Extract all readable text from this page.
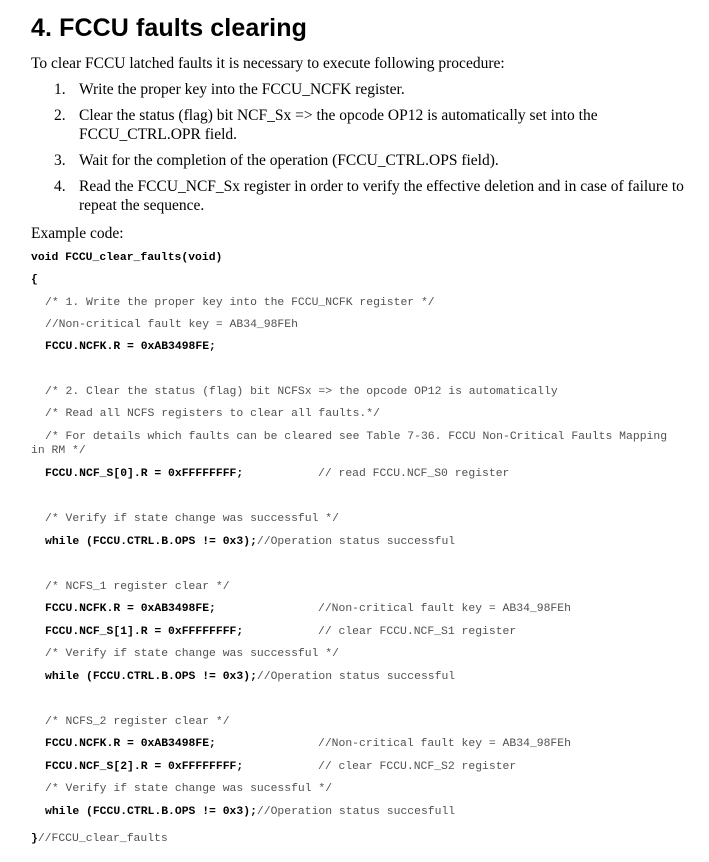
4. FCCU faults clearing
To clear FCCU latched faults it is necessary to execute following procedure:
1. Write the proper key into the FCCU_NCFK register.
2. Clear the status (flag) bit NCF_Sx => the opcode OP12 is automatically set into the FCCU_CTRL.OPR field.
3. Wait for the completion of the operation (FCCU_CTRL.OPS field).
4. Read the FCCU_NCF_Sx register in order to verify the effective deletion and in case of failure to repeat the sequence.
Example code:
void FCCU_clear_faults(void)
{
/* 1. Write the proper key into the FCCU_NCFK register */
//Non-critical fault key = AB34_98FEh
FCCU.NCFK.R = 0xAB3498FE;
/* 2. Clear the status (flag) bit NCFSx => the opcode OP12 is automatically
/* Read all NCFS registers to clear all faults.*/
/* For details which faults can be cleared see Table 7-36. FCCU Non-Critical Faults Mapping
in RM */
FCCU.NCF_S[0].R = 0xFFFFFFFF;	// read FCCU.NCF_S0 register
/* Verify if state change was successful */
while (FCCU.CTRL.B.OPS != 0x3);//Operation status successful
/* NCFS_1 register clear */
FCCU.NCFK.R = 0xAB3498FE;	//Non-critical fault key = AB34_98FEh
FCCU.NCF_S[1].R = 0xFFFFFFFF;	// clear FCCU.NCF_S1 register
/* Verify if state change was successful */
while (FCCU.CTRL.B.OPS != 0x3);//Operation status successful
/* NCFS_2 register clear */
FCCU.NCFK.R = 0xAB3498FE;	//Non-critical fault key = AB34_98FEh
FCCU.NCF_S[2].R = 0xFFFFFFFF;	// clear FCCU.NCF_S2 register
/* Verify if state change was sucessful */
while (FCCU.CTRL.B.OPS != 0x3);//Operation status succesfull
}//FCCU_clear_faults
